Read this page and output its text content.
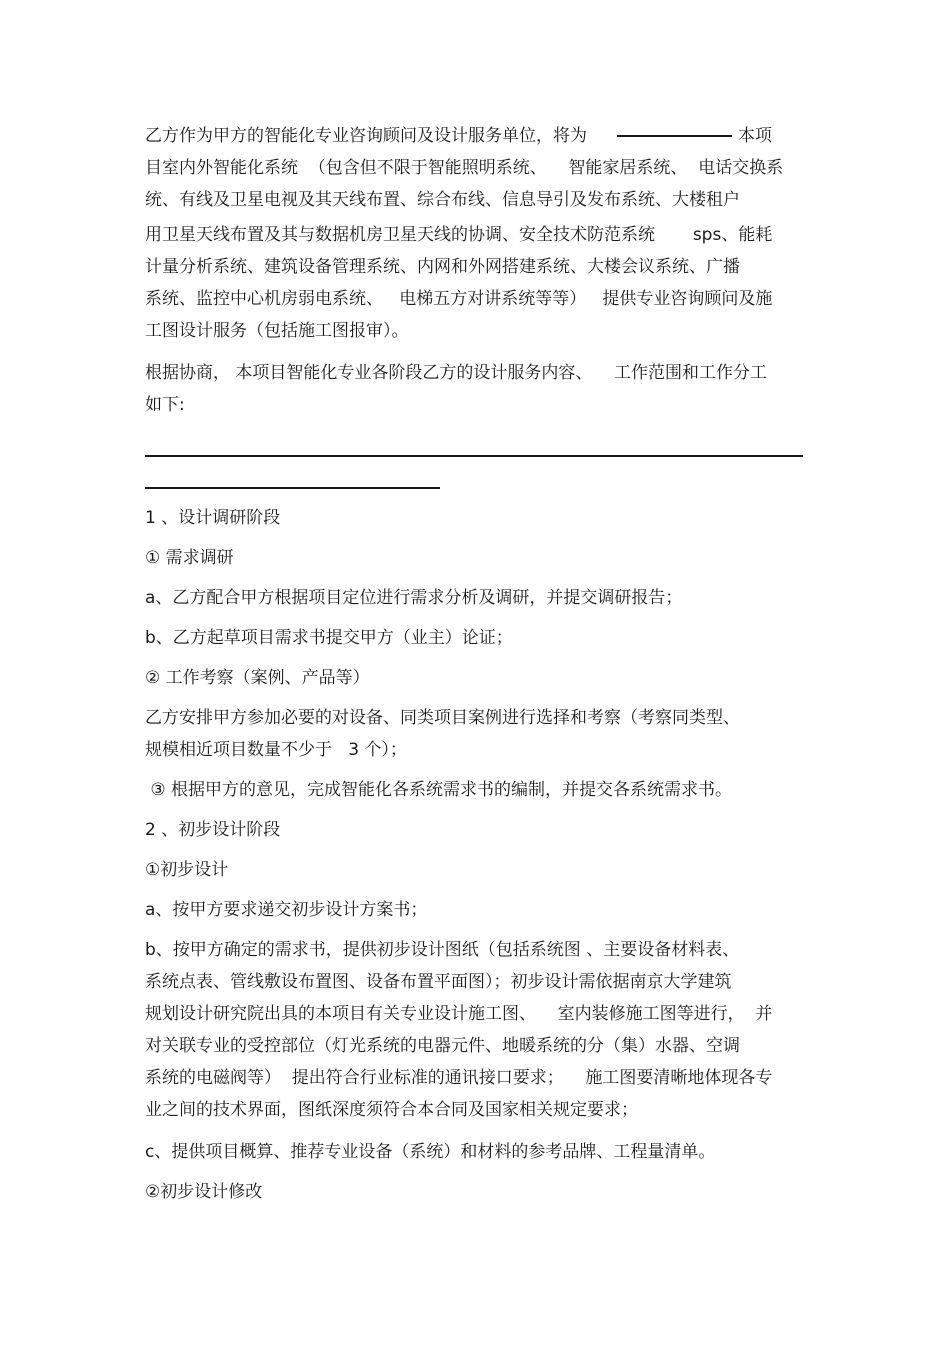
乙方作为甲方的智能化专业咨询顾问及设计服务单位，将为	本项
目室内外智能化系统  （包含但不限于智能照明系统、    智能家居系统、  电话交换系
统、有线及卫星电视及其天线布置、综合布线、信息导引及发布系统、大楼租户
用卫星天线布置及其与数据机房卫星天线的协调、安全技术防范系统       sps、能耗
计量分析系统、建筑设备管理系统、内网和外网搭建系统、大楼会议系统、广播
系统、监控中心机房弱电系统、   电梯五方对讲系统等等）   提供专业咨询顾问及施
工图设计服务（包括施工图报审）。
根据协商， 本项目智能化专业各阶段乙方的设计服务内容、    工作范围和工作分工
如下:
1 、设计调研阶段
① 需求调研
a、乙方配合甲方根据项目定位进行需求分析及调研，并提交调研报告；
b、乙方起草项目需求书提交甲方（业主）论证；
② 工作考察（案例、产品等）
乙方安排甲方参加必要的对设备、同类项目案例进行选择和考察（考察同类型、
规模相近项目数量不少于   3 个）；
③ 根据甲方的意见，完成智能化各系统需求书的编制，并提交各系统需求书。
2 、初步设计阶段
①初步设计
a、按甲方要求递交初步设计方案书；
b、按甲方确定的需求书，提供初步设计图纸（包括系统图 、主要设备材料表、
系统点表、管线敷设布置图、设备布置平面图）；初步设计需依据南京大学建筑
规划设计研究院出具的本项目有关专业设计施工图、    室内装修施工图等进行，  并
对关联专业的受控部位（灯光系统的电器元件、地暖系统的分（集）水器、空调
系统的电磁阀等）  提出符合行业标准的通讯接口要求；    施工图要清晰地体现各专
业之间的技术界面，图纸深度须符合本合同及国家相关规定要求；
c、提供项目概算、推荐专业设备（系统）和材料的参考品牌、工程量清单。
②初步设计修改
